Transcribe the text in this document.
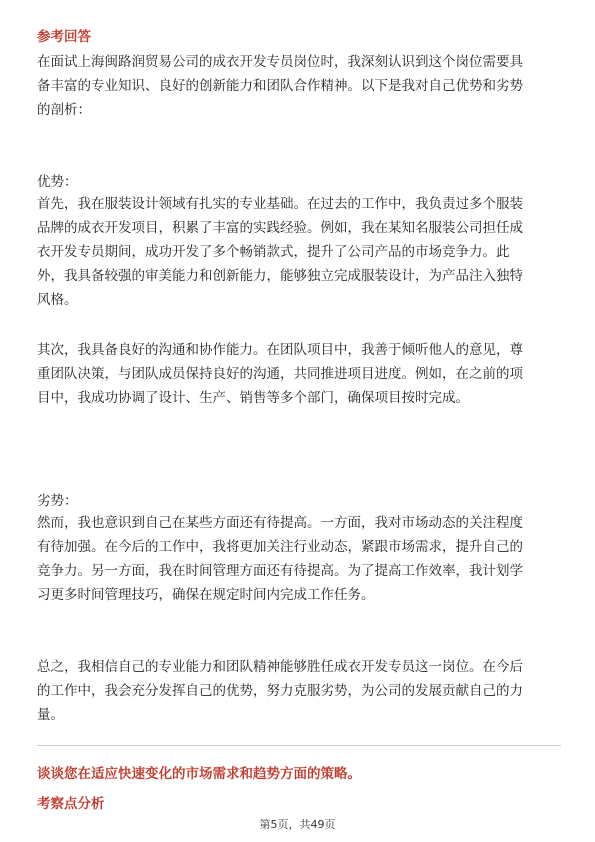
参考回答
在面试上海闽路润贸易公司的成衣开发专员岗位时，我深刻认识到这个岗位需要具
备丰富的专业知识、良好的创新能力和团队合作精神。以下是我对自己优势和劣势
的剖析：
优势：
首先，我在服装设计领域有扎实的专业基础。在过去的工作中，我负责过多个服装
品牌的成衣开发项目，积累了丰富的实践经验。例如，我在某知名服装公司担任成
衣开发专员期间，成功开发了多个畅销款式，提升了公司产品的市场竞争力。此
外，我具备较强的审美能力和创新能力，能够独立完成服装设计，为产品注入独特
风格。
其次，我具备良好的沟通和协作能力。在团队项目中，我善于倾听他人的意见，尊
重团队决策，与团队成员保持良好的沟通，共同推进项目进度。例如，在之前的项
目中，我成功协调了设计、生产、销售等多个部门，确保项目按时完成。
劣势：
然而，我也意识到自己在某些方面还有待提高。一方面，我对市场动态的关注程度
有待加强。在今后的工作中，我将更加关注行业动态，紧跟市场需求，提升自己的
竞争力。另一方面，我在时间管理方面还有待提高。为了提高工作效率，我计划学
习更多时间管理技巧，确保在规定时间内完成工作任务。
总之，我相信自己的专业能力和团队精神能够胜任成衣开发专员这一岗位。在今后
的工作中，我会充分发挥自己的优势，努力克服劣势，为公司的发展贡献自己的力
量。
谈谈您在适应快速变化的市场需求和趋势方面的策略。
考察点分析
第5页，共49页
